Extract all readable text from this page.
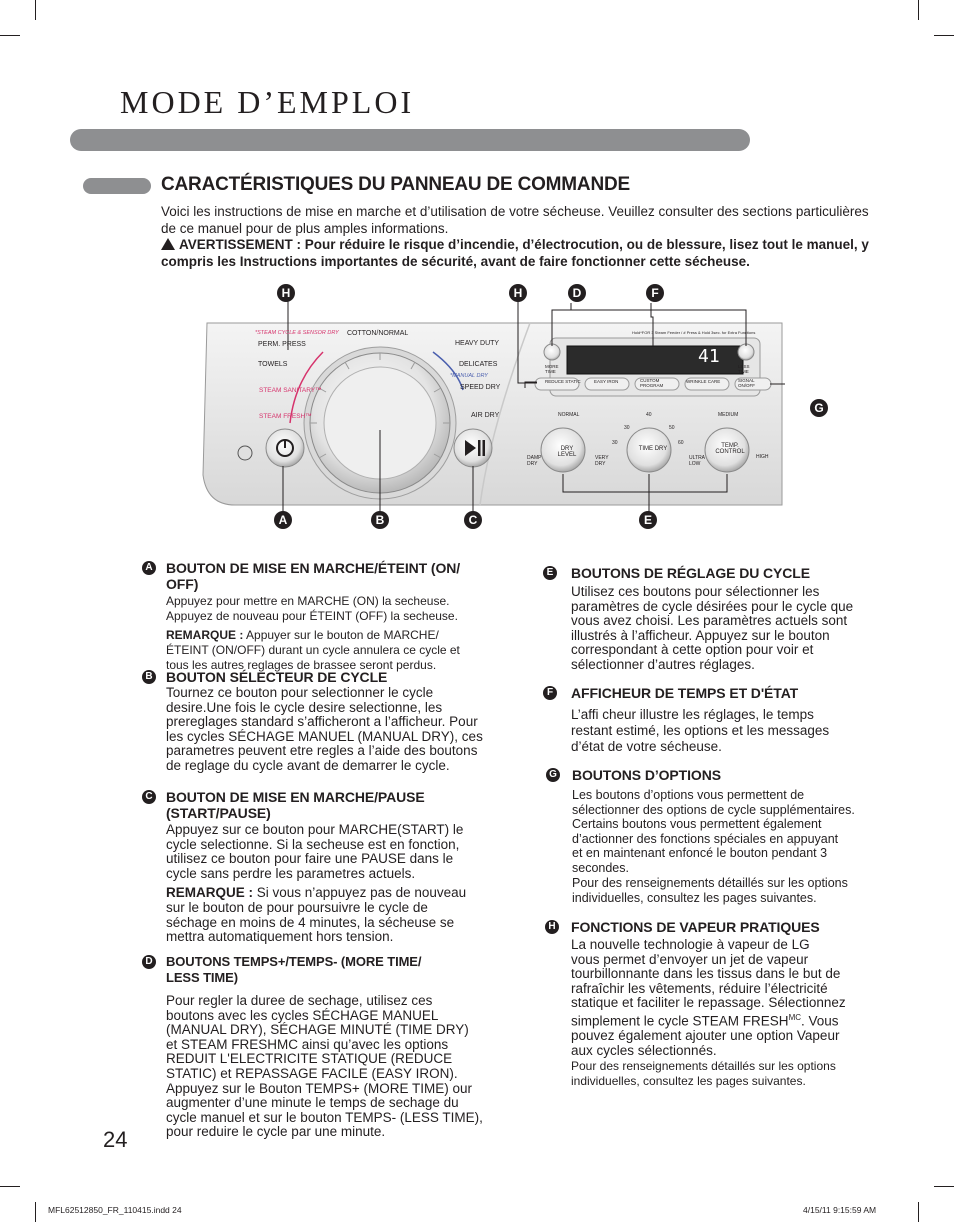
MODE D’EMPLOI
CARACTÉRISTIQUES DU PANNEAU DE COMMANDE
Voici les instructions de mise en marche et d’utilisation de votre sécheuse. Veuillez consulter des sections particulières de ce manuel pour de plus amples informations.
AVERTISSEMENT : Pour réduire le risque d’incendie, d’électrocution, ou de blessure, lisez tout le manuel, y compris les Instructions importantes de sécurité, avant de faire fonctionner cette sécheuse.
*STEAM CYCLE & SENSOR DRY COTTON/NORMAL
PERM. PRESS	HEAVY DUTY
TOWELS	DELICATES
*MANUAL DRY
SPEED DRY
STEAM SANITARY™
STEAM FRESH™	AIR DRY
Hold*FOR 3 Steam Feeder / # Press & Hold 3sec. for Extra Functions
MORE TIME
LESS TIME
41
REDUCE STATIC	EASY IRON	CUSTOM PROGRAM
WRINKLE CARE	SIGNAL ON/OFF
NORMAL	40	MEDIUM
30	50
30	60
DRY LEVEL
TIME DRY	TEMP. CONTROL
DAMP DRY
VERY DRY
ULTRA LOW
HIGH
H	H	D	F
G
A	B	C	E
A BOUTON DE MISE EN MARCHE/ÉTEINT (ON/ OFF)
Appuyez pour mettre en MARCHE (ON) la secheuse.
Appuyez de nouveau pour ÉTEINT (OFF) la secheuse.
REMARQUE : Appuyer sur le bouton de MARCHE/
ÉTEINT (ON/OFF) durant un cycle annulera ce cycle et
tous les autres reglages de brassee seront perdus.
B BOUTON SÉLECTEUR DE CYCLE
Tournez ce bouton pour selectionner le cycle
desire.Une fois le cycle desire selectionne, les
prereglages standard s’afficheront a l’afficheur. Pour
les cycles SÉCHAGE MANUEL (MANUAL DRY), ces
parametres peuvent etre regles a l’aide des boutons
de reglage du cycle avant de demarrer le cycle.
C BOUTON DE MISE EN MARCHE/PAUSE
(START/PAUSE)
Appuyez sur ce bouton pour MARCHE(START) le
cycle selectionne. Si la secheuse est en fonction,
utilisez ce bouton pour faire une PAUSE dans le
cycle sans perdre les parametres actuels.
REMARQUE : Si vous n’appuyez pas de nouveau
sur le bouton de pour poursuivre le cycle de
séchage en moins de 4 minutes, la sécheuse se
mettra automatiquement hors tension.
D BOUTONS TEMPS+/TEMPS- (MORE TIME/
LESS TIME)
Pour regler la duree de sechage, utilisez ces
boutons avec les cycles SÉCHAGE MANUEL
(MANUAL DRY), SÉCHAGE MINUTÉ (TIME DRY)
et STEAM FRESHMC ainsi qu’avec les options
REDUIT L'ELECTRICITE STATIQUE (REDUCE
STATIC) et REPASSAGE FACILE (EASY IRON).
Appuyez sur le Bouton TEMPS+ (MORE TIME) our
augmenter d’une minute le temps de sechage du
cycle manuel et sur le bouton TEMPS- (LESS TIME),
pour reduire le cycle par une minute.
E BOUTONS DE RÉGLAGE DU CYCLE
Utilisez ces boutons pour sélectionner les
paramètres de cycle désirées pour le cycle que
vous avez choisi. Les paramètres actuels sont
illustrés à l’afficheur. Appuyez sur le bouton
correspondant à cette option pour voir et
sélectionner d’autres réglages.
F AFFICHEUR DE TEMPS ET D'ÉTAT
L’affi cheur illustre les réglages, le temps
restant estimé, les options et les messages
d’état de votre sécheuse.
G BOUTONS D’OPTIONS
Les boutons d’options vous permettent de
sélectionner des options de cycle supplémentaires.
Certains boutons vous permettent également
d’actionner des fonctions spéciales en appuyant
et en maintenant enfoncé le bouton pendant 3
secondes.
Pour des renseignements détaillés sur les options
individuelles, consultez les pages suivantes.
H FONCTIONS DE VAPEUR PRATIQUES
La nouvelle technologie à vapeur de LG
vous permet d’envoyer un jet de vapeur
tourbillonnante dans les tissus dans le but de
rafraîchir les vêtements, réduire l’électricité
statique et faciliter le repassage. Sélectionnez
simplement le cycle STEAM $FRESH^{MC}$. Vous
pouvez également ajouter une option Vapeur
aux cycles sélectionnés.
Pour des renseignements détaillés sur les options
individuelles, consultez les pages suivantes.
24
MFL62512850_FR_110415.indd 24	4/15/11 9:15:59 AM
